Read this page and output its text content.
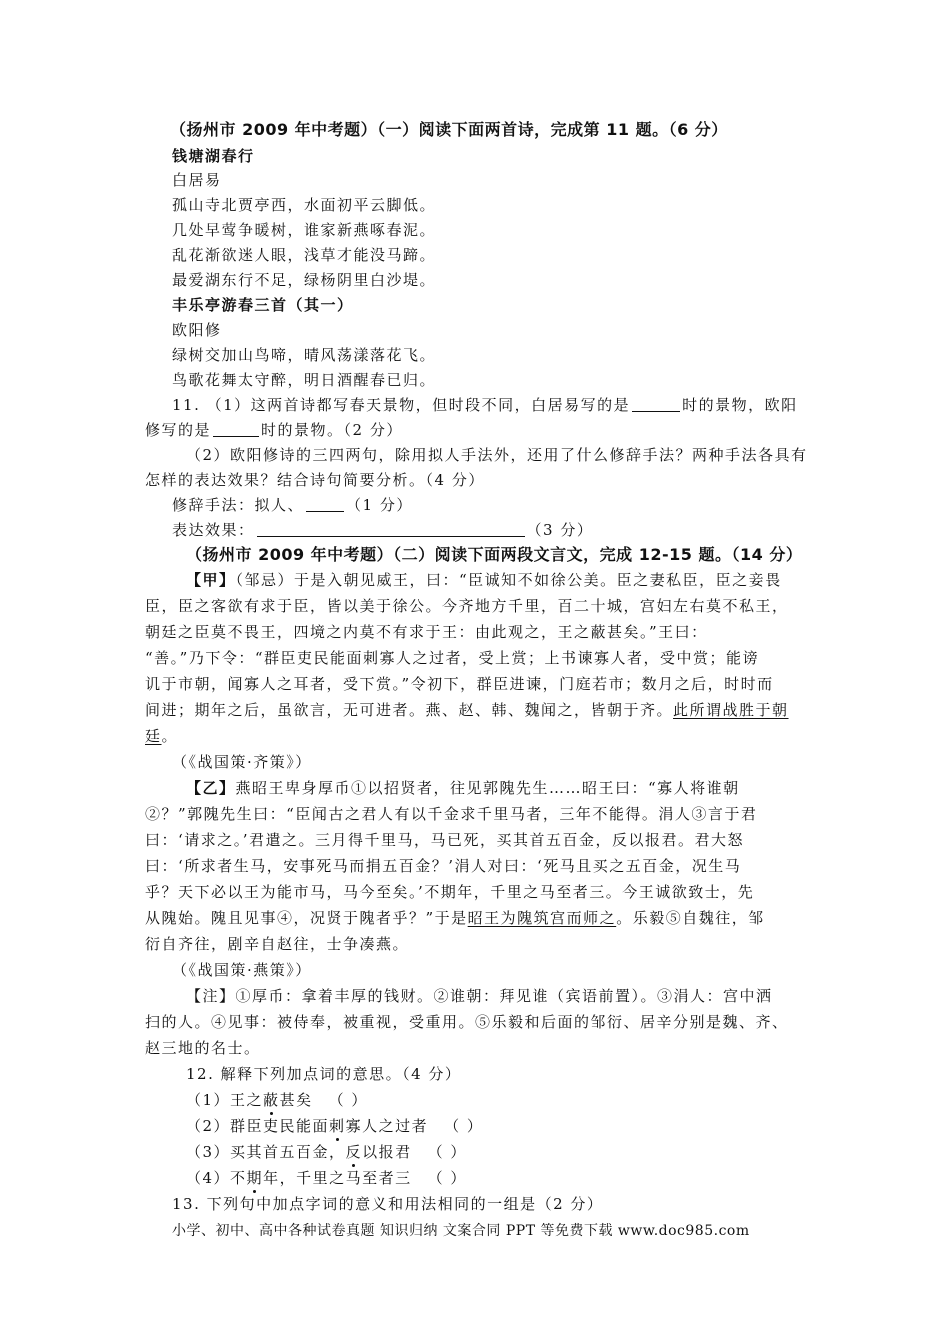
（扬州市 2009 年中考题）（一）阅读下面两首诗，完成第 11 题。（6 分）
钱塘湖春行
白居易
孤山寺北贾亭西，水面初平云脚低。
几处早莺争暖树，谁家新燕啄春泥。
乱花渐欲迷人眼，浅草才能没马蹄。
最爱湖东行不足，绿杨阴里白沙堤。
丰乐亭游春三首（其一）
欧阳修
绿树交加山鸟啼，晴风荡漾落花飞。
鸟歌花舞太守醉，明日酒醒春已归。
11. （1）这两首诗都写春天景物，但时段不同，白居易写的是	时的景物，欧阳
修写的是	时的景物。（2 分）
（2）欧阳修诗的三四两句，除用拟人手法外，还用了什么修辞手法？两种手法各具有
怎样的表达效果？结合诗句简要分析。（4 分）
修辞手法：拟人、	（1 分）
表达效果：	（3 分）
（扬州市 2009 年中考题）（二）阅读下面两段文言文，完成 12-15 题。（14 分）
【甲】（邹忌）于是入朝见威王，曰：“臣诚知不如徐公美。臣之妻私臣，臣之妾畏
臣，臣之客欲有求于臣，皆以美于徐公。今齐地方千里，百二十城，宫妇左右莫不私王，
朝廷之臣莫不畏王，四境之内莫不有求于王：由此观之，王之蔽甚矣。”王曰：
“善。”乃下令：“群臣吏民能面刺寡人之过者，受上赏；上书谏寡人者，受中赏；能谤
讥于市朝，闻寡人之耳者，受下赏。”令初下，群臣进谏，门庭若市；数月之后，时时而
间进；期年之后，虽欲言，无可进者。燕、赵、韩、魏闻之，皆朝于齐。此所谓战胜于朝
廷。
（《战国策·齐策》）
【乙】燕昭王卑身厚币①以招贤者，往见郭隗先生……昭王曰：“寡人将谁朝
②？”郭隗先生曰：“臣闻古之君人有以千金求千里马者，三年不能得。涓人③言于君
曰：‘请求之。’君遣之。三月得千里马，马已死，买其首五百金，反以报君。君大怒
曰：‘所求者生马，安事死马而捐五百金？’涓人对曰：‘死马且买之五百金，况生马
乎？天下必以王为能市马，马今至矣。’不期年，千里之马至者三。今王诚欲致士，先
从隗始。隗且见事④，况贤于隗者乎？”于是昭王为隗筑宫而师之。乐毅⑤自魏往，邹
衍自齐往，剧辛自赵往，士争凑燕。
（《战国策·燕策》）
【注】①厚币：拿着丰厚的钱财。②谁朝：拜见谁（宾语前置）。③涓人：宫中洒
扫的人。④见事：被侍奉，被重视，受重用。⑤乐毅和后面的邹衍、居辛分别是魏、齐、
赵三地的名士。
12. 解释下列加点词的意思。（4 分）
（1）王之蔽甚矣 （ ）
（2）群臣吏民能面刺寡人之过者 （ ）
（3）买其首五百金，反以报君 （ ）
（4）不期年，千里之马至者三 （ ）
13. 下列句中加点字词的意义和用法相同的一组是（2 分）
小学、初中、高中各种试卷真题 知识归纳 文案合同 PPT 等免费下载 www.doc985.com
